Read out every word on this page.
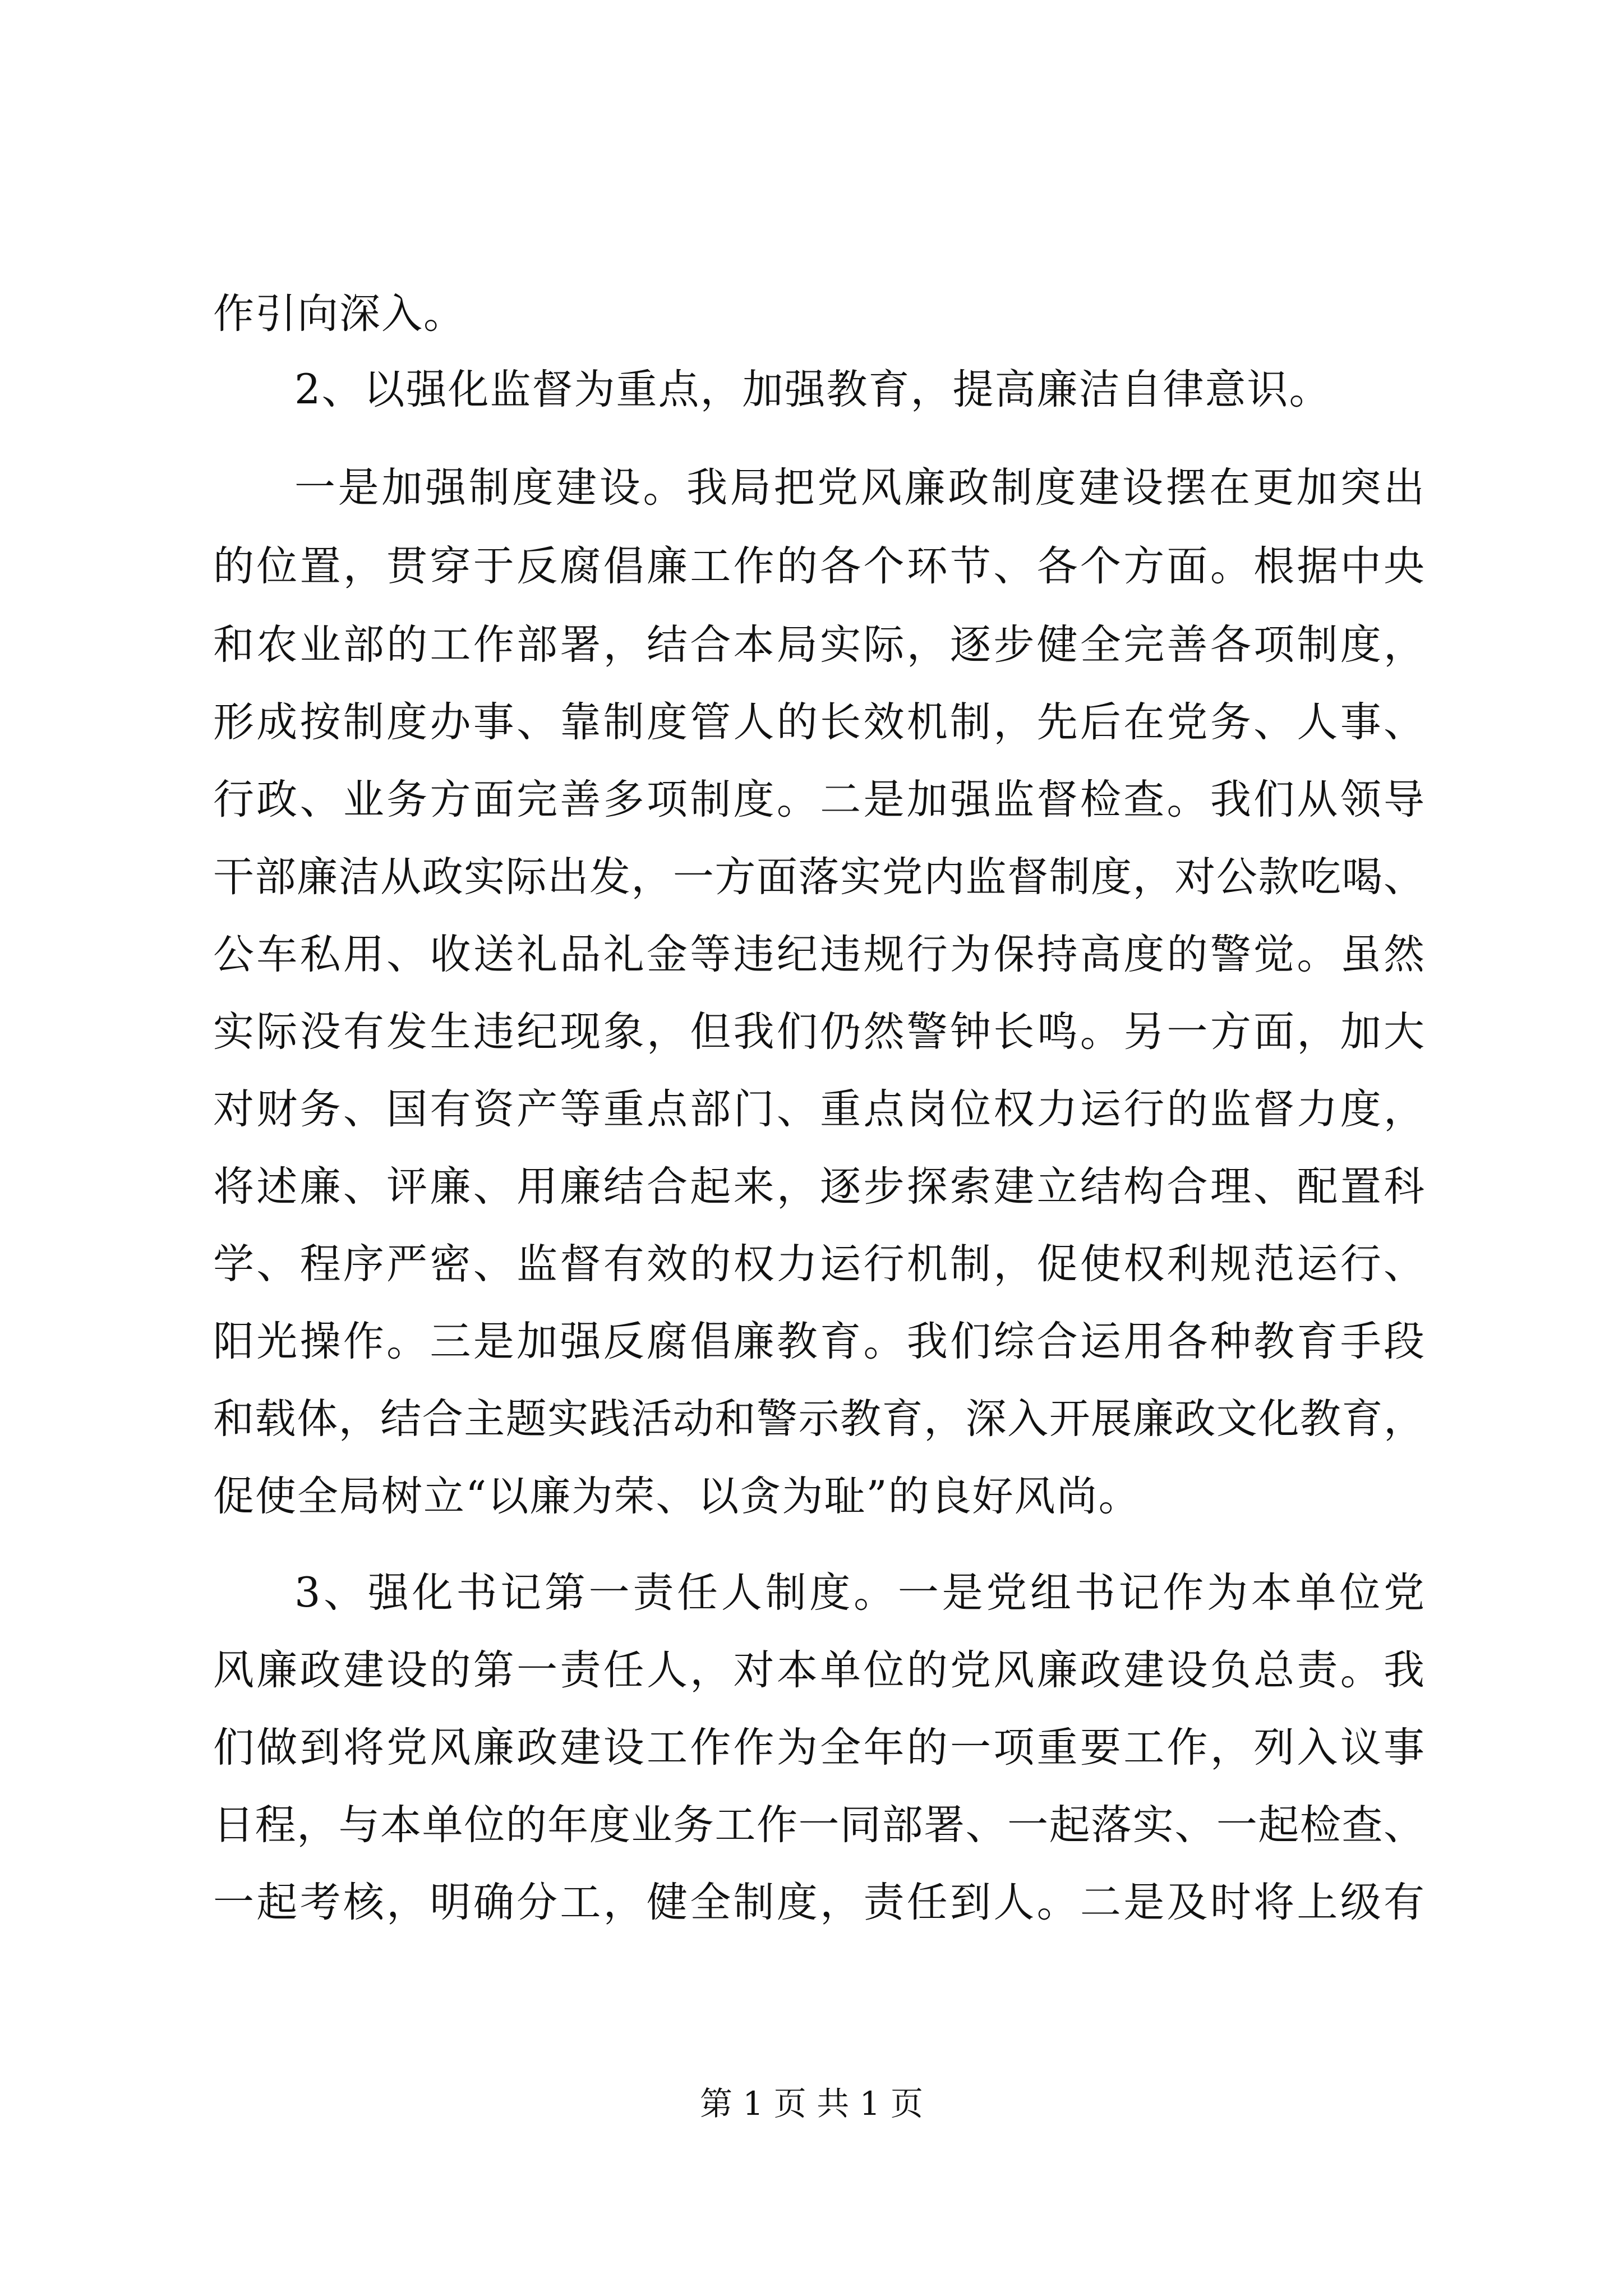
作引向深入。
2、以强化监督为重点，加强教育，提高廉洁自律意识。
一是加强制度建设。我局把党风廉政制度建设摆在更加突出
的位置，贯穿于反腐倡廉工作的各个环节、各个方面。根据中央
和农业部的工作部署，结合本局实际，逐步健全完善各项制度，
形成按制度办事、靠制度管人的长效机制，先后在党务、人事、
行政、业务方面完善多项制度。二是加强监督检查。我们从领导
干部廉洁从政实际出发，一方面落实党内监督制度，对公款吃喝、
公车私用、收送礼品礼金等违纪违规行为保持高度的警觉。虽然
实际没有发生违纪现象，但我们仍然警钟长鸣。另一方面，加大
对财务、国有资产等重点部门、重点岗位权力运行的监督力度，
将述廉、评廉、用廉结合起来，逐步探索建立结构合理、配置科
学、程序严密、监督有效的权力运行机制，促使权利规范运行、
阳光操作。三是加强反腐倡廉教育。我们综合运用各种教育手段
和载体，结合主题实践活动和警示教育，深入开展廉政文化教育，
促使全局树立“以廉为荣、以贪为耻”的良好风尚。
3、强化书记第一责任人制度。一是党组书记作为本单位党
风廉政建设的第一责任人，对本单位的党风廉政建设负总责。我
们做到将党风廉政建设工作作为全年的一项重要工作，列入议事
日程，与本单位的年度业务工作一同部署、一起落实、一起检查、
一起考核，明确分工，健全制度，责任到人。二是及时将上级有
第 1 页 共 1 页
